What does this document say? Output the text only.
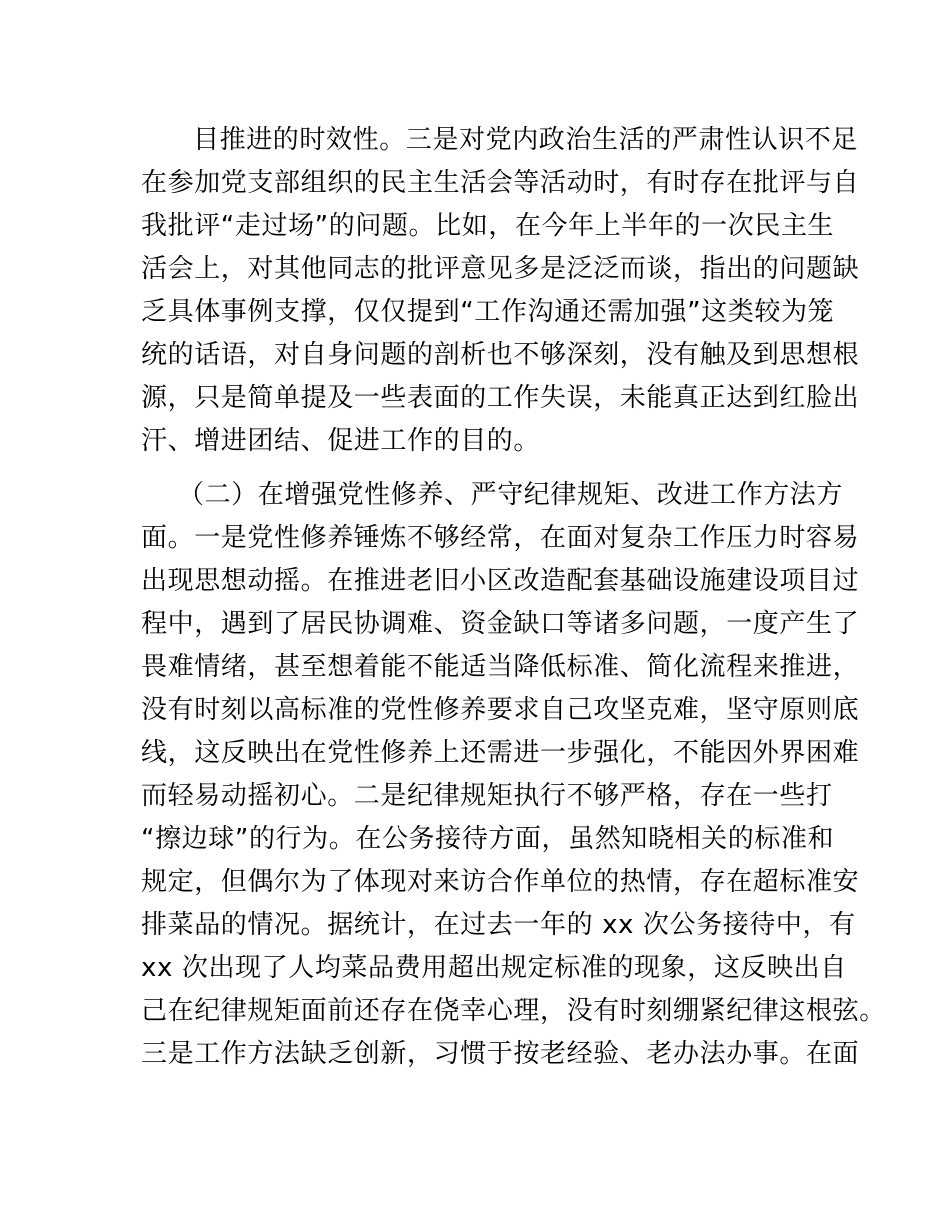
目推进的时效性。三是对党内政治生活的严肃性认识不足
在参加党支部组织的民主生活会等活动时，有时存在批评与自
我批评“走过场”的问题。比如，在今年上半年的一次民主生
活会上，对其他同志的批评意见多是泛泛而谈，指出的问题缺
乏具体事例支撑，仅仅提到“工作沟通还需加强”这类较为笼
统的话语，对自身问题的剖析也不够深刻，没有触及到思想根
源，只是简单提及一些表面的工作失误，未能真正达到红脸出
汗、增进团结、促进工作的目的。
（二）在增强党性修养、严守纪律规矩、改进工作方法方
面。一是党性修养锤炼不够经常，在面对复杂工作压力时容易
出现思想动摇。在推进老旧小区改造配套基础设施建设项目过
程中，遇到了居民协调难、资金缺口等诸多问题，一度产生了
畏难情绪，甚至想着能不能适当降低标准、简化流程来推进，
没有时刻以高标准的党性修养要求自己攻坚克难，坚守原则底
线，这反映出在党性修养上还需进一步强化，不能因外界困难
而轻易动摇初心。二是纪律规矩执行不够严格，存在一些打
“擦边球”的行为。在公务接待方面，虽然知晓相关的标准和
规定，但偶尔为了体现对来访合作单位的热情，存在超标准安
排菜品的情况。据统计，在过去一年的 xx 次公务接待中，有
xx 次出现了人均菜品费用超出规定标准的现象，这反映出自
己在纪律规矩面前还存在侥幸心理，没有时刻绷紧纪律这根弦。
三是工作方法缺乏创新，习惯于按老经验、老办法办事。在面
